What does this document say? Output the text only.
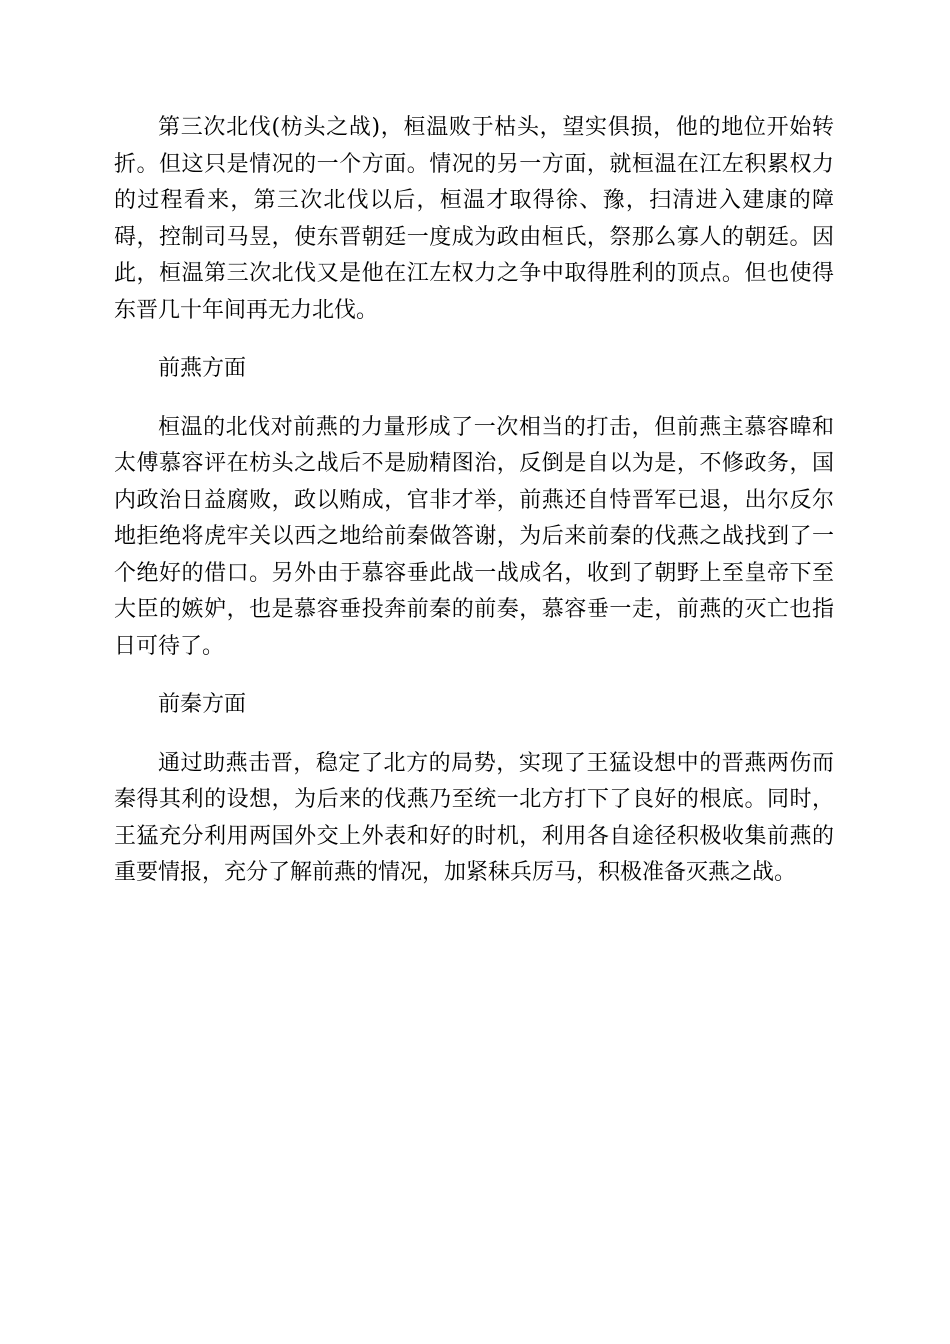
第三次北伐(枋头之战)，桓温败于枯头，望实俱损，他的地位开始转折。但这只是情况的一个方面。情况的另一方面，就桓温在江左积累权力的过程看来，第三次北伐以后，桓温才取得徐、豫，扫清进入建康的障碍，控制司马昱，使东晋朝廷一度成为政由桓氏，祭那么寡人的朝廷。因此，桓温第三次北伐又是他在江左权力之争中取得胜利的顶点。但也使得东晋几十年间再无力北伐。

前燕方面

桓温的北伐对前燕的力量形成了一次相当的打击，但前燕主慕容暐和太傅慕容评在枋头之战后不是励精图治，反倒是自以为是，不修政务，国内政治日益腐败，政以贿成，官非才举，前燕还自恃晋军已退，出尔反尔地拒绝将虎牢关以西之地给前秦做答谢，为后来前秦的伐燕之战找到了一个绝好的借口。另外由于慕容垂此战一战成名，收到了朝野上至皇帝下至大臣的嫉妒，也是慕容垂投奔前秦的前奏，慕容垂一走，前燕的灭亡也指日可待了。

前秦方面

通过助燕击晋，稳定了北方的局势，实现了王猛设想中的晋燕两伤而秦得其利的设想，为后来的伐燕乃至统一北方打下了良好的根底。同时，王猛充分利用两国外交上外表和好的时机，利用各自途径积极收集前燕的重要情报，充分了解前燕的情况，加紧秣兵厉马，积极准备灭燕之战。
